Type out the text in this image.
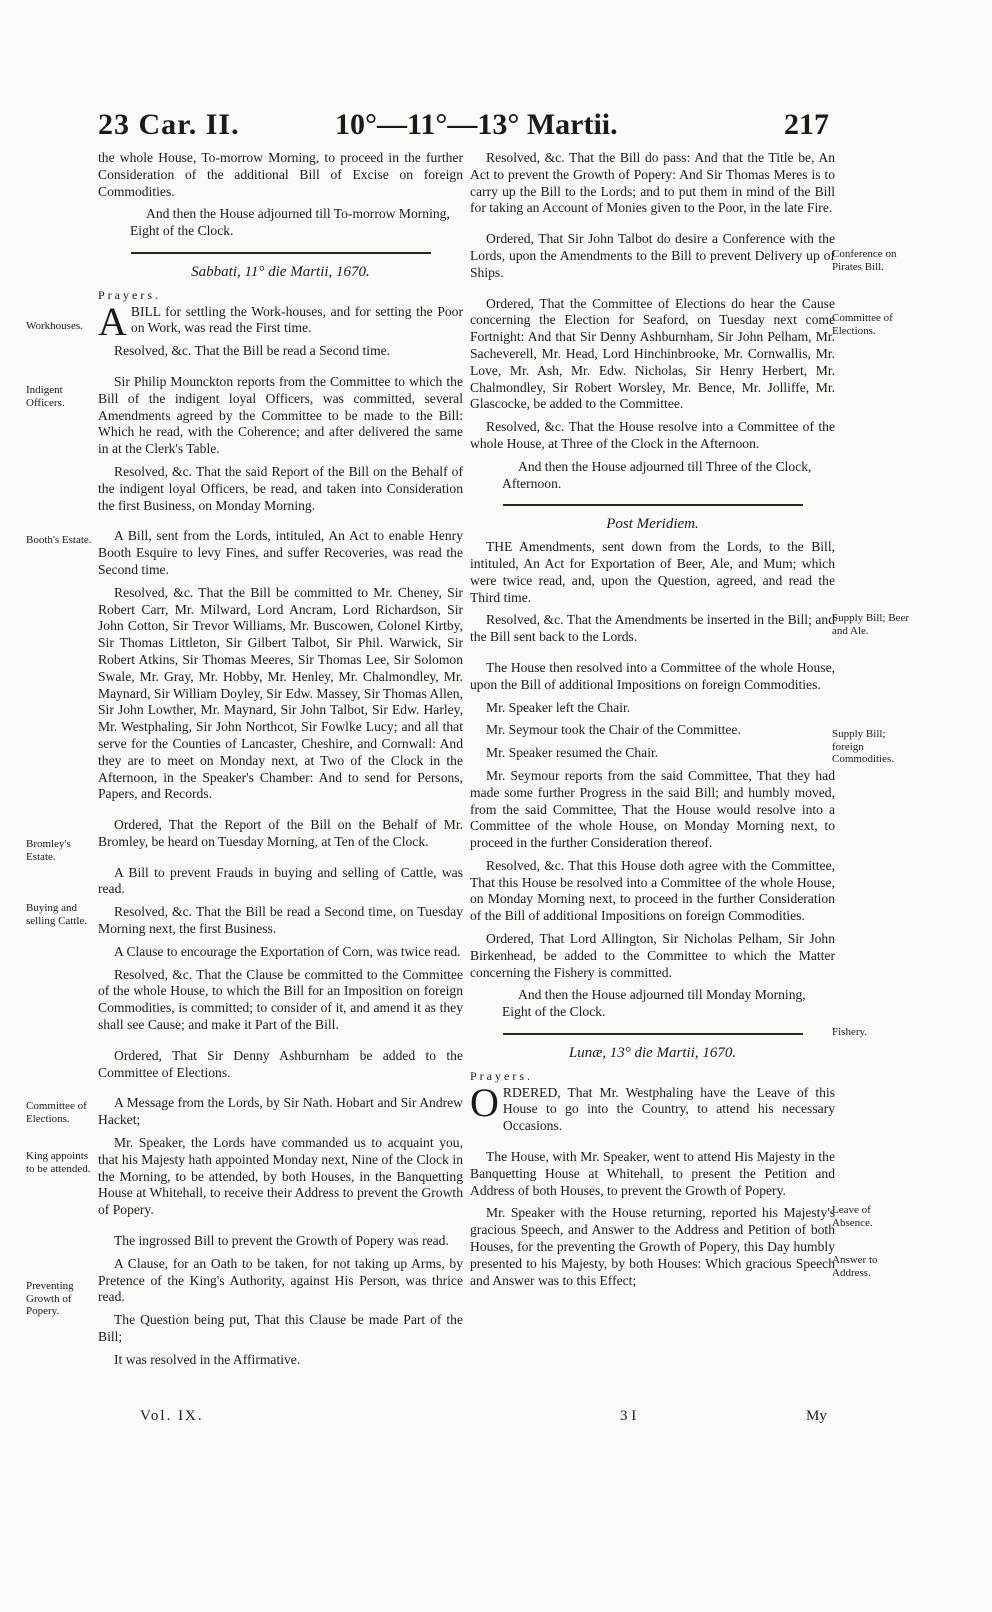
23 Car. II.	10°—11°—13° Martii.	217
Workhouses.
Indigent Officers.
Booth's Estate.
Bromley's Estate.
Buying and selling Cattle.
Committee of Elections.
King appoints to be attended.
Preventing Growth of Popery.
Conference on Pirates Bill.
Committee of Elections.
Supply Bill; Beer and Ale.
Supply Bill; foreign Commodities.
Fishery.
Leave of Absence.
Answer to Address.

the whole House, To-morrow Morning, to proceed in the further Consideration of the additional Bill of Excise on foreign Commodities.

And then the House adjourned till To-morrow Morning, Eight of the Clock.

Sabbati, 11° die Martii, 1670.
Prayers.

A BILL for settling the Work-houses, and for setting the Poor on Work, was read the First time.

Resolved, &c. That the Bill be read a Second time.

Sir Philip Mounckton reports from the Committee to which the Bill of the indigent loyal Officers, was committed, several Amendments agreed by the Committee to be made to the Bill: Which he read, with the Coherence; and after delivered the same in at the Clerk's Table.

Resolved, &c. That the said Report of the Bill on the Behalf of the indigent loyal Officers, be read, and taken into Consideration the first Business, on Monday Morning.

A Bill, sent from the Lords, intituled, An Act to enable Henry Booth Esquire to levy Fines, and suffer Recoveries, was read the Second time.

Resolved, &c. That the Bill be committed to Mr. Cheney, Sir Robert Carr, Mr. Milward, Lord Ancram, Lord Richardson, Sir John Cotton, Sir Trevor Williams, Mr. Buscowen, Colonel Kirtby, Sir Thomas Littleton, Sir Gilbert Talbot, Sir Phil. Warwick, Sir Robert Atkins, Sir Thomas Meeres, Sir Thomas Lee, Sir Solomon Swale, Mr. Gray, Mr. Hobby, Mr. Henley, Mr. Chalmondley, Mr. Maynard, Sir William Doyley, Sir Edw. Massey, Sir Thomas Allen, Sir John Lowther, Mr. Maynard, Sir John Talbot, Sir Edw. Harley, Mr. Westphaling, Sir John Northcot, Sir Fowlke Lucy; and all that serve for the Counties of Lancaster, Cheshire, and Cornwall: And they are to meet on Monday next, at Two of the Clock in the Afternoon, in the Speaker's Chamber: And to send for Persons, Papers, and Records.

Ordered, That the Report of the Bill on the Behalf of Mr. Bromley, be heard on Tuesday Morning, at Ten of the Clock.

A Bill to prevent Frauds in buying and selling of Cattle, was read.

Resolved, &c. That the Bill be read a Second time, on Tuesday Morning next, the first Business.

A Clause to encourage the Exportation of Corn, was twice read.

Resolved, &c. That the Clause be committed to the Committee of the whole House, to which the Bill for an Imposition on foreign Commodities, is committed; to consider of it, and amend it as they shall see Cause; and make it Part of the Bill.

Ordered, That Sir Denny Ashburnham be added to the Committee of Elections.

A Message from the Lords, by Sir Nath. Hobart and Sir Andrew Hacket;

Mr. Speaker, the Lords have commanded us to acquaint you, that his Majesty hath appointed Monday next, Nine of the Clock in the Morning, to be attended, by both Houses, in the Banquetting House at Whitehall, to receive their Address to prevent the Growth of Popery.

The ingrossed Bill to prevent the Growth of Popery was read.

A Clause, for an Oath to be taken, for not taking up Arms, by Pretence of the King's Authority, against His Person, was thrice read.

The Question being put, That this Clause be made Part of the Bill;

It was resolved in the Affirmative.

Resolved, &c. That the Bill do pass: And that the Title be, An Act to prevent the Growth of Popery: And Sir Thomas Meres is to carry up the Bill to the Lords; and to put them in mind of the Bill for taking an Account of Monies given to the Poor, in the late Fire.

Ordered, That Sir John Talbot do desire a Conference with the Lords, upon the Amendments to the Bill to prevent Delivery up of Ships.

Ordered, That the Committee of Elections do hear the Cause concerning the Election for Seaford, on Tuesday next come Fortnight: And that Sir Denny Ashburnham, Sir John Pelham, Mr. Sacheverell, Mr. Head, Lord Hinchinbrooke, Mr. Cornwallis, Mr. Love, Mr. Ash, Mr. Edw. Nicholas, Sir Henry Herbert, Mr. Chalmondley, Sir Robert Worsley, Mr. Bence, Mr. Jolliffe, Mr. Glascocke, be added to the Committee.

Resolved, &c. That the House resolve into a Committee of the whole House, at Three of the Clock in the Afternoon.

And then the House adjourned till Three of the Clock, Afternoon.

Post Meridiem.

THE Amendments, sent down from the Lords, to the Bill, intituled, An Act for Exportation of Beer, Ale, and Mum; which were twice read, and, upon the Question, agreed, and read the Third time.

Resolved, &c. That the Amendments be inserted in the Bill; and the Bill sent back to the Lords.

The House then resolved into a Committee of the whole House, upon the Bill of additional Impositions on foreign Commodities.

Mr. Speaker left the Chair.

Mr. Seymour took the Chair of the Committee.

Mr. Speaker resumed the Chair.

Mr. Seymour reports from the said Committee, That they had made some further Progress in the said Bill; and humbly moved, from the said Committee, That the House would resolve into a Committee of the whole House, on Monday Morning next, to proceed in the further Consideration thereof.

Resolved, &c. That this House doth agree with the Committee, That this House be resolved into a Committee of the whole House, on Monday Morning next, to proceed in the further Consideration of the Bill of additional Impositions on foreign Commodities.

Ordered, That Lord Allington, Sir Nicholas Pelham, Sir John Birkenhead, be added to the Committee to which the Matter concerning the Fishery is committed.

And then the House adjourned till Monday Morning, Eight of the Clock.

Lunæ, 13° die Martii, 1670.
Prayers.

ORDERED, That Mr. Westphaling have the Leave of this House to go into the Country, to attend his necessary Occasions.

The House, with Mr. Speaker, went to attend His Majesty in the Banquetting House at Whitehall, to present the Petition and Address of both Houses, to prevent the Growth of Popery.

Mr. Speaker with the House returning, reported his Majesty's gracious Speech, and Answer to the Address and Petition of both Houses, for the preventing the Growth of Popery, this Day humbly presented to his Majesty, by both Houses: Which gracious Speech and Answer was to this Effect;

Vol. IX.	3 I	My
